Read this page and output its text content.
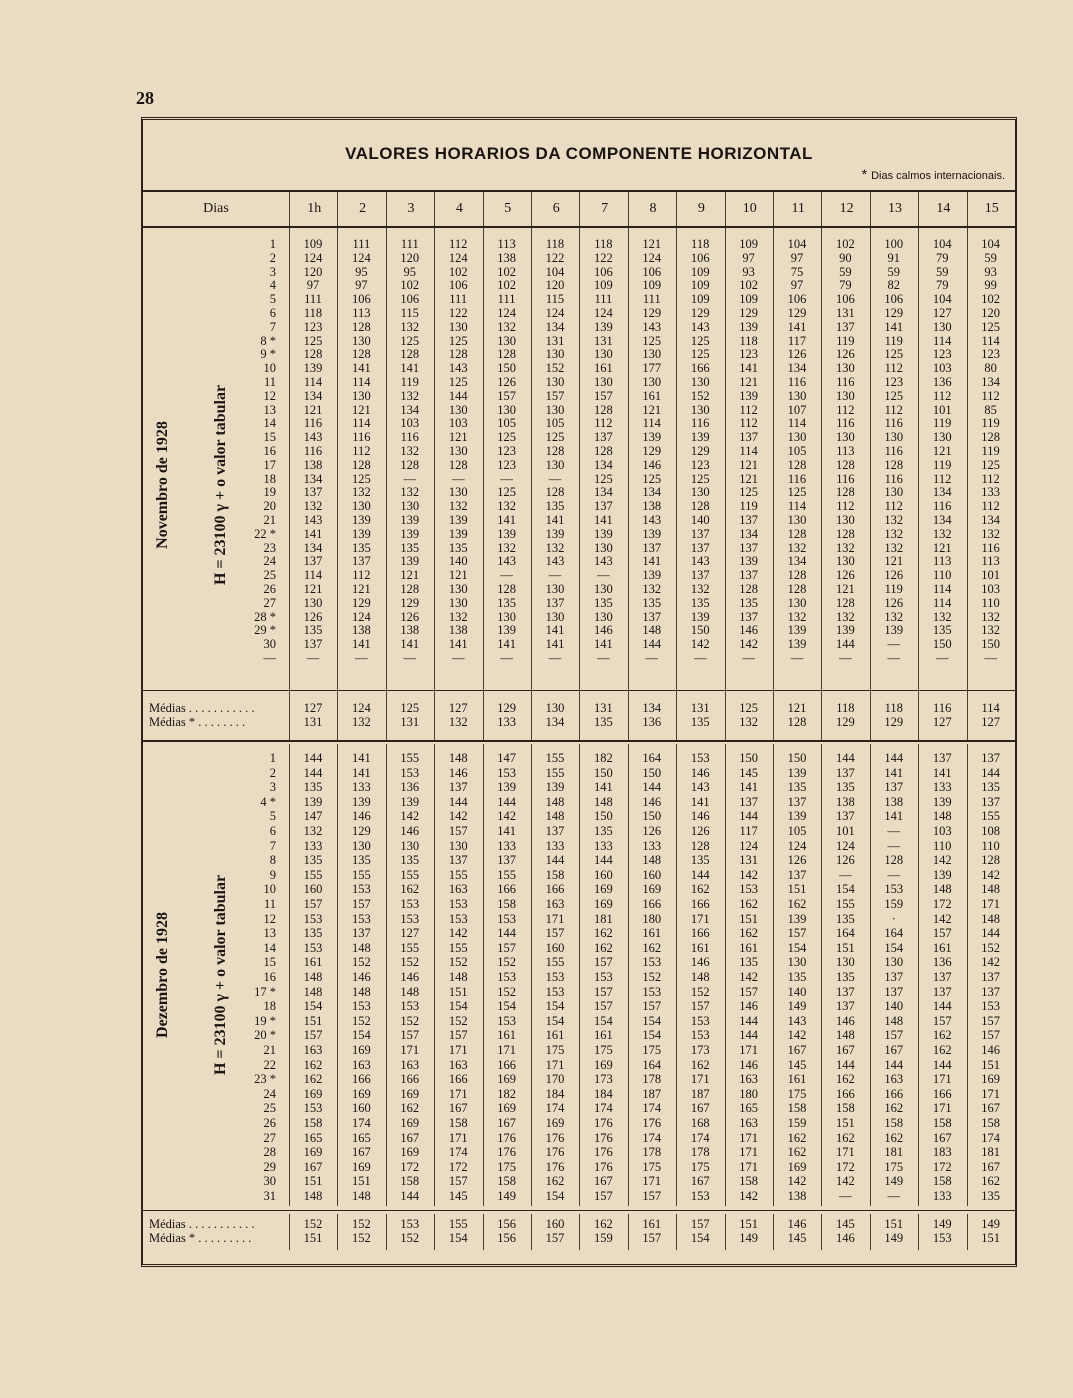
28
VALORES HORARIOS DA COMPONENTE HORIZONTAL
* Dias calmos internacionais.
Dias	1h	2	3	4	5	6	7	8	9	10	11	12	13	14	15
Novembro de 1928	H = 23100 γ + o valor tabular
1	109	111	111	112	113	118	118	121	118	109	104	102	100	104	104
2	124	124	120	124	138	122	122	124	106	97	97	90	91	79	59
3	120	95	95	102	102	104	106	106	109	93	75	59	59	59	93
4	97	97	102	106	102	120	109	109	109	102	97	79	82	79	99
5	111	106	106	111	111	115	111	111	109	109	106	106	106	104	102
6	118	113	115	122	124	124	124	129	129	129	129	131	129	127	120
7	123	128	132	130	132	134	139	143	143	139	141	137	141	130	125
8 *	125	130	125	125	130	131	131	125	125	118	117	119	119	114	114
9 *	128	128	128	128	128	130	130	130	125	123	126	126	125	123	123
10	139	141	141	143	150	152	161	177	166	141	134	130	112	103	80
11	114	114	119	125	126	130	130	130	130	121	116	116	123	136	134
12	134	130	132	144	157	157	157	161	152	139	130	130	125	112	112
13	121	121	134	130	130	130	128	121	130	112	107	112	112	101	85
14	116	114	103	103	105	105	112	114	116	112	114	116	116	119	119
15	143	116	116	121	125	125	137	139	139	137	130	130	130	130	128
16	116	112	132	130	123	128	128	129	129	114	105	113	116	121	119
17	138	128	128	128	123	130	134	146	123	121	128	128	128	119	125
18	134	125	—	—	—	—	125	125	125	121	116	116	116	112	112
19	137	132	132	130	125	128	134	134	130	125	125	128	130	134	133
20	132	130	130	132	132	135	137	138	128	119	114	112	112	116	112
21	143	139	139	139	141	141	141	143	140	137	130	130	132	134	134
22 *	141	139	139	139	139	139	139	139	137	134	128	128	132	132	132
23	134	135	135	135	132	132	130	137	137	137	132	132	132	121	116
24	137	137	139	140	143	143	143	141	143	139	134	130	121	113	113
25	114	112	121	121	—	—	—	139	137	137	128	126	126	110	101
26	121	121	128	130	128	130	130	132	132	128	128	121	119	114	103
27	130	129	129	130	135	137	135	135	135	135	130	128	126	114	110
28 *	126	124	126	132	130	130	130	137	139	137	132	132	132	132	132
29 *	135	138	138	138	139	141	146	148	150	146	139	139	139	135	132
30	137	141	141	141	141	141	141	144	142	142	139	144	—	150	150
—	—	—	—	—	—	—	—	—	—	—	—	—	—	—	—
Médias . . . . . . . . . . .	127	124	125	127	129	130	131	134	131	125	121	118	118	116	114
Médias * . . . . . . . .	131	132	131	132	133	134	135	136	135	132	128	129	129	127	127
Dezembro de 1928	H = 23100 γ + o valor tabular
1	144	141	155	148	147	155	182	164	153	150	150	144	144	137	137
2	144	141	153	146	153	155	150	150	146	145	139	137	141	141	144
3	135	133	136	137	139	139	141	144	143	141	135	135	137	133	135
4 *	139	139	139	144	144	148	148	146	141	137	137	138	138	139	137
5	147	146	142	142	142	148	150	150	146	144	139	137	141	148	155
6	132	129	146	157	141	137	135	126	126	117	105	101	—	103	108
7	133	130	130	130	133	133	133	133	128	124	124	124	—	110	110
8	135	135	135	137	137	144	144	148	135	131	126	126	128	142	128
9	155	155	155	155	155	158	160	160	144	142	137	—	—	139	142
10	160	153	162	163	166	166	169	169	162	153	151	154	153	148	148
11	157	157	153	153	158	163	169	166	166	162	162	155	159	172	171
12	153	153	153	153	153	171	181	180	171	151	139	135	·	142	148
13	135	137	127	142	144	157	162	161	166	162	157	164	164	157	144
14	153	148	155	155	157	160	162	162	161	161	154	151	154	161	152
15	161	152	152	152	152	155	157	153	146	135	130	130	130	136	142
16	148	146	146	148	153	153	153	152	148	142	135	135	137	137	137
17 *	148	148	148	151	152	153	157	153	152	157	140	137	137	137	137
18	154	153	153	154	154	154	157	157	157	146	149	137	140	144	153
19 *	151	152	152	152	153	154	154	154	153	144	143	146	148	157	157
20 *	157	154	157	157	161	161	161	154	153	144	142	148	157	162	157
21	163	169	171	171	171	175	175	175	173	171	167	167	167	162	146
22	162	163	163	163	166	171	169	164	162	146	145	144	144	144	151
23 *	162	166	166	166	169	170	173	178	171	163	161	162	163	171	169
24	169	169	169	171	182	184	184	187	187	180	175	166	166	166	171
25	153	160	162	167	169	174	174	174	167	165	158	158	162	171	167
26	158	174	169	158	167	169	176	176	168	163	159	151	158	158	158
27	165	165	167	171	176	176	176	174	174	171	162	162	162	167	174
28	169	167	169	174	176	176	176	178	178	171	162	171	181	183	181
29	167	169	172	172	175	176	176	175	175	171	169	172	175	172	167
30	151	151	158	157	158	162	167	171	167	158	142	142	149	158	162
31	148	148	144	145	149	154	157	157	153	142	138	—	—	133	135
Médias . . . . . . . . . . .	152	152	153	155	156	160	162	161	157	151	146	145	151	149	149
Médias * . . . . . . . . .	151	152	152	154	156	157	159	157	154	149	145	146	149	153	151
